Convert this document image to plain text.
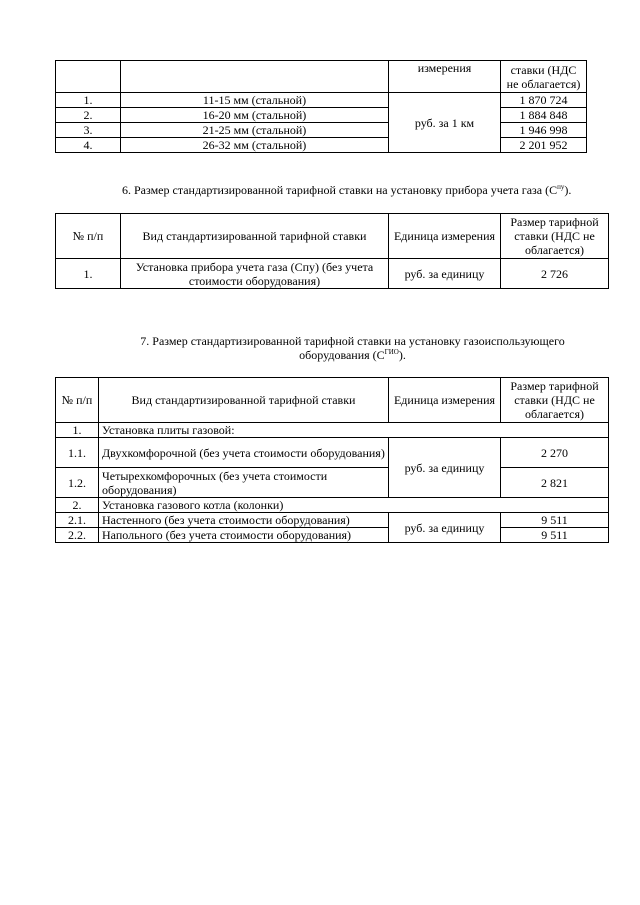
		измерения	ставки (НДС не облагается)
1.	11-15 мм (стальной)	руб. за 1 км	1 870 724
2.	16-20 мм (стальной)		1 884 848
3.	21-25 мм (стальной)		1 946 998
4.	26-32 мм (стальной)		2 201 952
6. Размер стандартизированной тарифной ставки на установку прибора учета газа $(C^{пу})$.
№ п/п	Вид стандартизированной тарифной ставки	Единица измерения	Размер тарифной ставки (НДС не облагается)
1.	Установка прибора учета газа (Спу) (без учета стоимости оборудования)	руб. за единицу	2 726
7. Размер стандартизированной тарифной ставки на установку газоиспользующего
оборудования $(C^{ГИО})$.
№ п/п	Вид стандартизированной тарифной ставки	Единица измерения	Размер тарифной ставки (НДС не облагается)
1.	Установка плиты газовой:		
1.1.	Двухкомфорочной (без учета стоимости оборудования)	руб. за единицу	2 270
1.2.	Четырехкомфорочных (без учета стоимости оборудования)		2 821
2.	Установка газового котла (колонки)		
2.1.	Настенного (без учета стоимости оборудования)	руб. за единицу	9 511
2.2.	Напольного (без учета стоимости оборудования)		9 511
